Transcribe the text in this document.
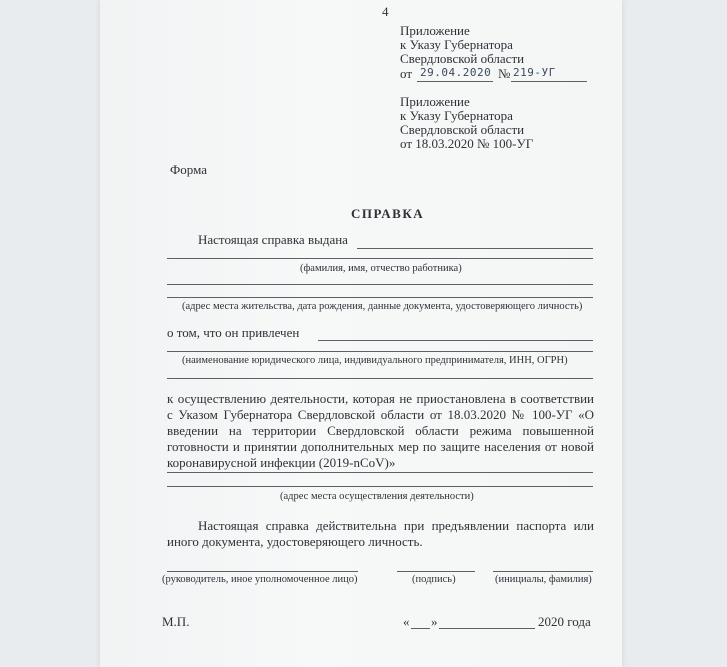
4
Приложение
к Указу Губернатора
Свердловской области
от 29.04.2020 № 219-УГ
Приложение
к Указу Губернатора
Свердловской области
от 18.03.2020 № 100-УГ
Форма
СПРАВКА
Настоящая справка выдана
(фамилия, имя, отчество работника)
(адрес места жительства, дата рождения, данные документа, удостоверяющего личность)
о том, что он привлечен
(наименование юридического лица, индивидуального предпринимателя, ИНН, ОГРН)
к осуществлению деятельности, которая не приостановлена в соответствии с Указом Губернатора Свердловской области от 18.03.2020 № 100-УГ «О введении на территории Свердловской области режима повышенной готовности и принятии дополнительных мер по защите населения от новой коронавирусной инфекции (2019-nCoV)»
(адрес места осуществления деятельности)
Настоящая справка действительна при предъявлении паспорта или иного документа, удостоверяющего личность.
(руководитель, иное уполномоченное лицо)	(подпись)	(инициалы, фамилия)
М.П.	« »	2020 года
